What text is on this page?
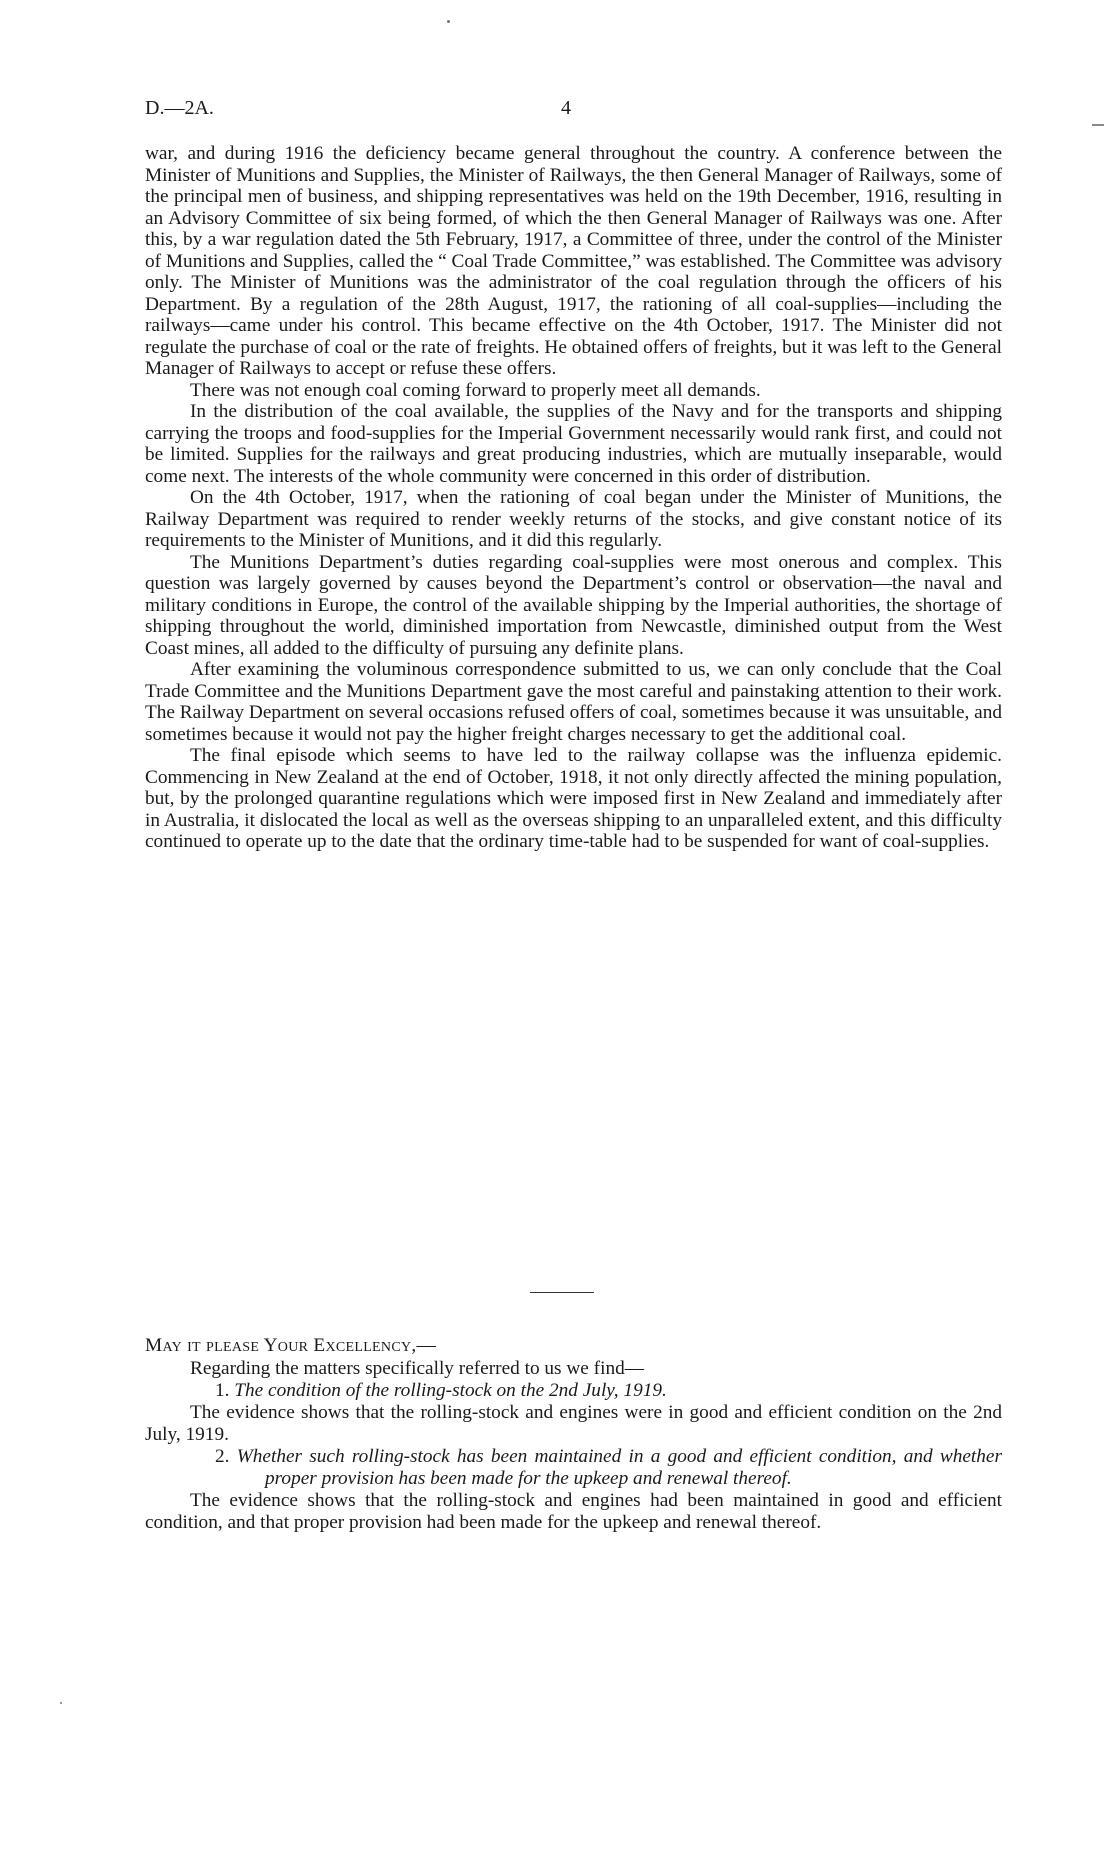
D.—2A.	4

war, and during 1916 the deficiency became general throughout the country. A conference between the Minister of Munitions and Supplies, the Minister of Railways, the then General Manager of Railways, some of the principal men of business, and shipping representatives was held on the 19th December, 1916, resulting in an Advisory Committee of six being formed, of which the then General Manager of Railways was one. After this, by a war regulation dated the 5th February, 1917, a Committee of three, under the control of the Minister of Munitions and Supplies, called the “ Coal Trade Committee,” was established. The Committee was advisory only. The Minister of Munitions was the administrator of the coal regulation through the officers of his Department. By a regulation of the 28th August, 1917, the rationing of all coal-supplies—including the railways—came under his control. This became effective on the 4th October, 1917. The Minister did not regulate the purchase of coal or the rate of freights. He obtained offers of freights, but it was left to the General Manager of Railways to accept or refuse these offers.

There was not enough coal coming forward to properly meet all demands.

In the distribution of the coal available, the supplies of the Navy and for the transports and shipping carrying the troops and food-supplies for the Imperial Government necessarily would rank first, and could not be limited. Supplies for the railways and great producing industries, which are mutually inseparable, would come next. The interests of the whole community were concerned in this order of distribution.

On the 4th October, 1917, when the rationing of coal began under the Minister of Munitions, the Railway Department was required to render weekly returns of the stocks, and give constant notice of its requirements to the Minister of Munitions, and it did this regularly.

The Munitions Department’s duties regarding coal-supplies were most onerous and complex. This question was largely governed by causes beyond the Department’s control or observation—the naval and military conditions in Europe, the control of the available shipping by the Imperial authorities, the shortage of shipping throughout the world, diminished importation from Newcastle, diminished output from the West Coast mines, all added to the difficulty of pursuing any definite plans.

After examining the voluminous correspondence submitted to us, we can only conclude that the Coal Trade Committee and the Munitions Department gave the most careful and painstaking attention to their work. The Railway Department on several occasions refused offers of coal, sometimes because it was unsuitable, and sometimes because it would not pay the higher freight charges necessary to get the additional coal.

The final episode which seems to have led to the railway collapse was the influenza epidemic. Commencing in New Zealand at the end of October, 1918, it not only directly affected the mining population, but, by the prolonged quarantine regulations which were imposed first in New Zealand and immediately after in Australia, it dislocated the local as well as the overseas shipping to an unparalleled extent, and this difficulty continued to operate up to the date that the ordinary time-table had to be suspended for want of coal-supplies.

May it please Your Excellency,—

Regarding the matters specifically referred to us we find—

1. The condition of the rolling-stock on the 2nd July, 1919.

The evidence shows that the rolling-stock and engines were in good and efficient condition on the 2nd July, 1919.

2. Whether such rolling-stock has been maintained in a good and efficient condition, and whether proper provision has been made for the upkeep and renewal thereof.

The evidence shows that the rolling-stock and engines had been maintained in good and efficient condition, and that proper provision had been made for the upkeep and renewal thereof.
